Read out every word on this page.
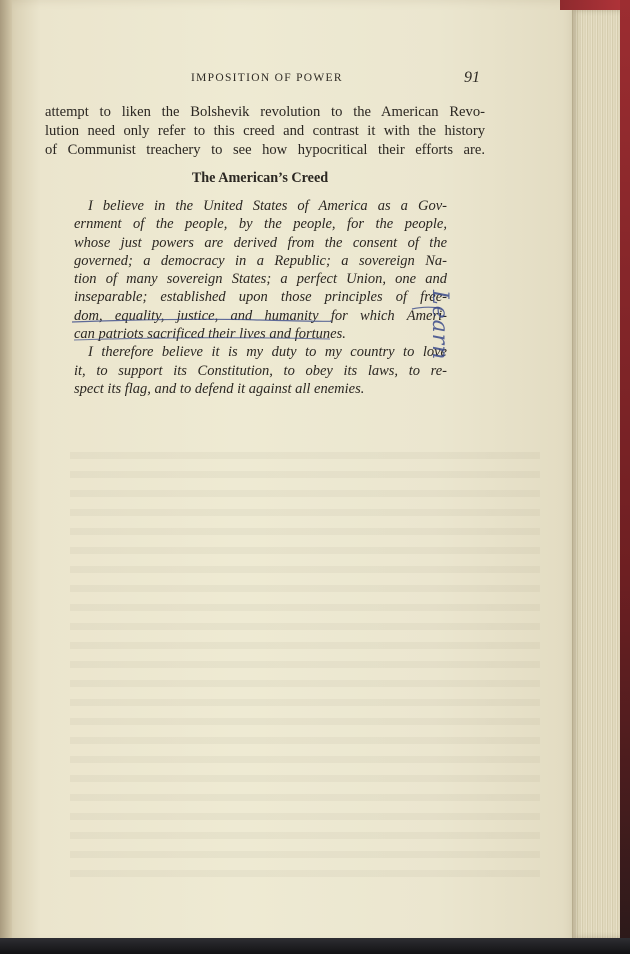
IMPOSITION OF POWER	91
attempt to liken the Bolshevik revolution to the American Revo-
lution need only refer to this creed and contrast it with the history
of Communist treachery to see how hypocritical their efforts are.
The American’s Creed
I believe in the United States of America as a Gov-
ernment of the people, by the people, for the people,
whose just powers are derived from the consent of the
governed; a democracy in a Republic; a sovereign Na-
tion of many sovereign States; a perfect Union, one and
inseparable; established upon those principles of free-
dom, equality, justice, and humanity for which Ameri-
can patriots sacrificed their lives and fortunes.
I therefore believe it is my duty to my country to love
it, to support its Constitution, to obey its laws, to re-
spect its flag, and to defend it against all enemies.
Learn
